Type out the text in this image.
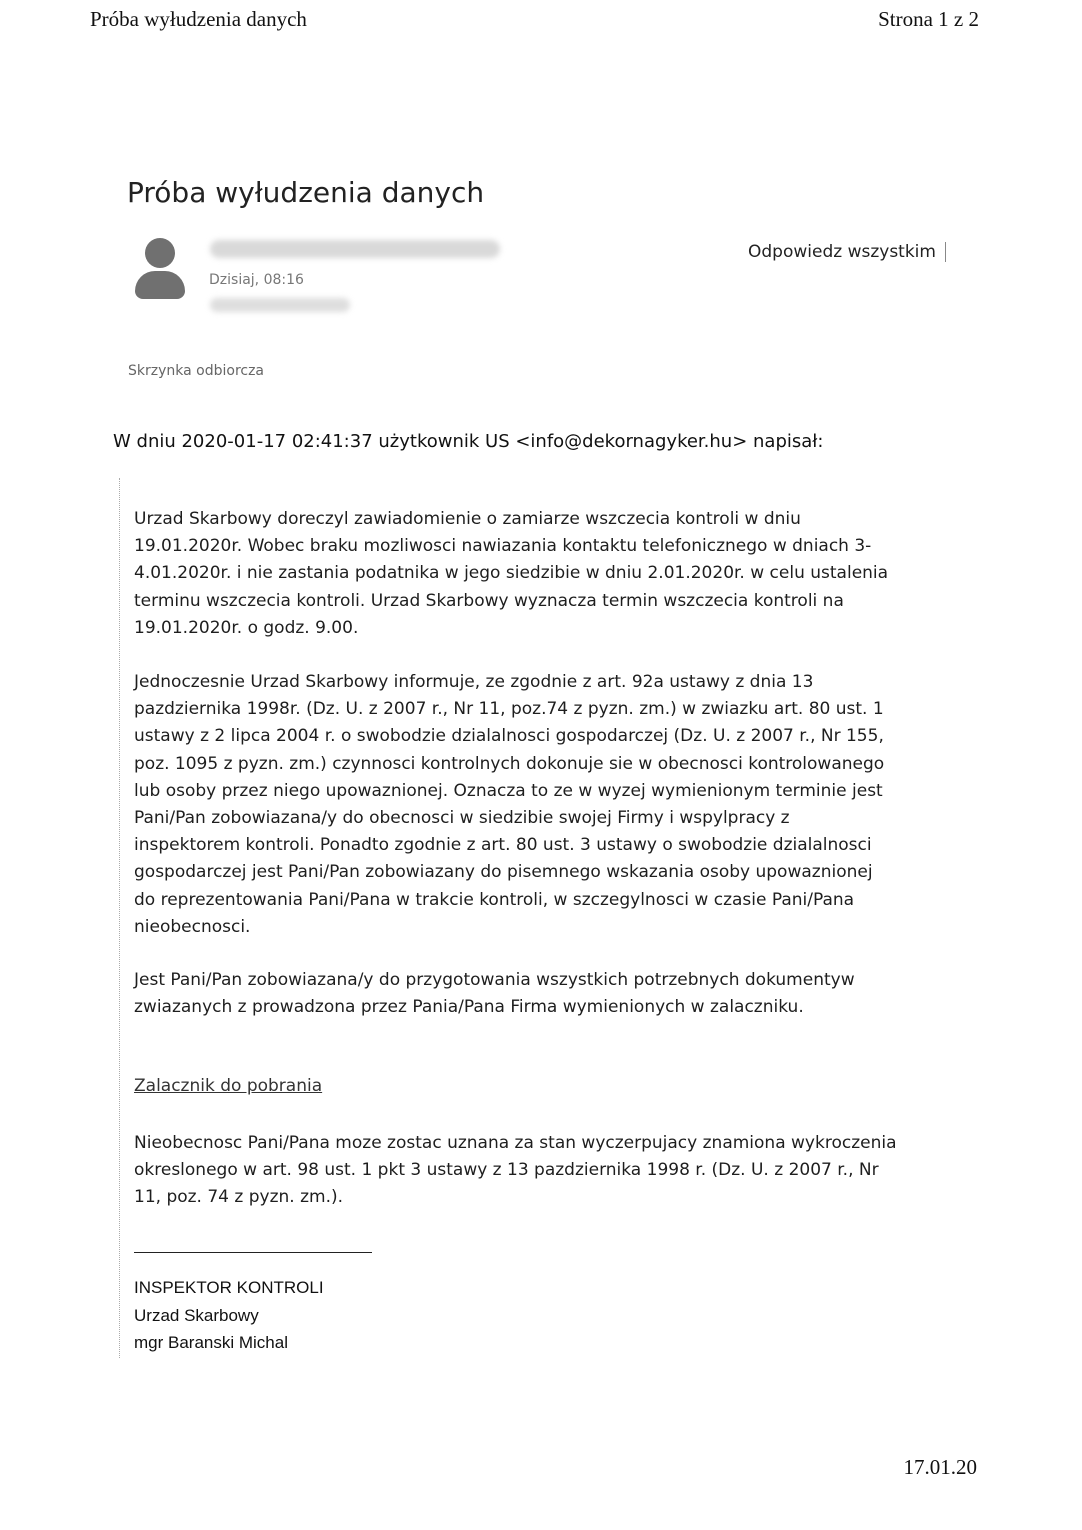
Próba wyłudzenia danych	Strona 1 z 2
Próba wyłudzenia danych
Dzisiaj, 08:16
Odpowiedz wszystkim
Skrzynka odbiorcza
W dniu 2020-01-17 02:41:37 użytkownik US <info@dekornagyker.hu> napisał:

Urzad Skarbowy doreczyl zawiadomienie o zamiarze wszczecia kontroli w dniu 19.01.2020r. Wobec braku mozliwosci nawiazania kontaktu telefonicznego w dniach 3-4.01.2020r. i nie zastania podatnika w jego siedzibie w dniu 2.01.2020r. w celu ustalenia terminu wszczecia kontroli. Urzad Skarbowy wyznacza termin wszczecia kontroli na 19.01.2020r. o godz. 9.00.

Jednoczesnie Urzad Skarbowy informuje, ze zgodnie z art. 92a ustawy z dnia 13 pazdziernika 1998r. (Dz. U. z 2007 r., Nr 11, poz.74 z pyzn. zm.) w zwiazku art. 80 ust. 1 ustawy z 2 lipca 2004 r. o swobodzie dzialalnosci gospodarczej (Dz. U. z 2007 r., Nr 155, poz. 1095 z pyzn. zm.) czynnosci kontrolnych dokonuje sie w obecnosci kontrolowanego lub osoby przez niego upowaznionej. Oznacza to ze w wyzej wymienionym terminie jest Pani/Pan zobowiazana/y do obecnosci w siedzibie swojej Firmy i wspylpracy z inspektorem kontroli. Ponadto zgodnie z art. 80 ust. 3 ustawy o swobodzie dzialalnosci gospodarczej jest Pani/Pan zobowiazany do pisemnego wskazania osoby upowaznionej do reprezentowania Pani/Pana w trakcie kontroli, w szczegylnosci w czasie Pani/Pana nieobecnosci.

Jest Pani/Pan zobowiazana/y do przygotowania wszystkich potrzebnych dokumentyw zwiazanych z prowadzona przez Pania/Pana Firma wymienionych w zalaczniku.

Zalacznik do pobrania

Nieobecnosc Pani/Pana moze zostac uznana za stan wyczerpujacy znamiona wykroczenia okreslonego w art. 98 ust. 1 pkt 3 ustawy z 13 pazdziernika 1998 r. (Dz. U. z 2007 r., Nr 11, poz. 74 z pyzn. zm.).

INSPEKTOR KONTROLI
Urzad Skarbowy
mgr Baranski Michal
17.01.20
